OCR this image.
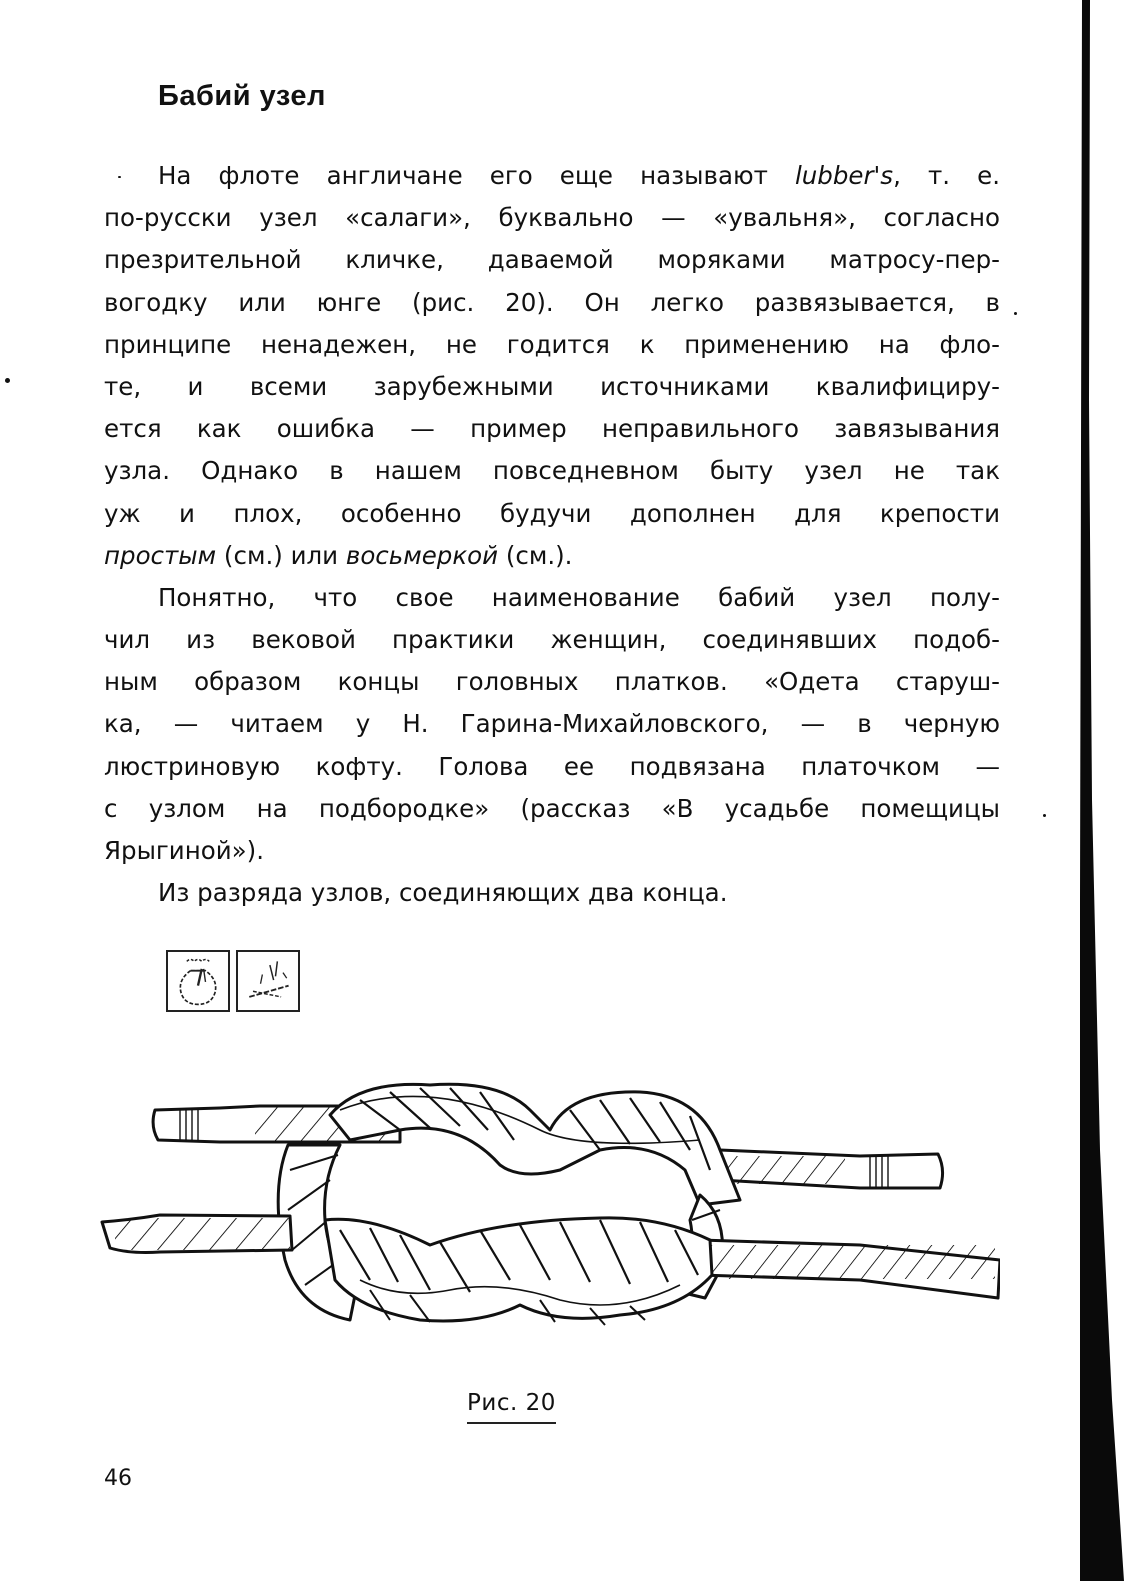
Бабий узел
На флоте англичане его еще называют lubber's, т. е.
по-русски узел «салаги», буквально — «увальня», согласно
презрительной кличке, даваемой моряками матросу-пер-
вогодку или юнге (рис. 20). Он легко развязывается, в
принципе ненадежен, не годится к применению на фло-
те, и всеми зарубежными источниками квалифициру-
ется как ошибка — пример неправильного завязывания
узла. Однако в нашем повседневном быту узел не так
уж и плох, особенно будучи дополнен для крепости
простым (см.) или восьмеркой (см.).
Понятно, что свое наименование бабий узел полу-
чил из вековой практики женщин, соединявших подоб-
ным образом концы головных платков. «Одета старуш-
ка, — читаем у Н. Гарина-Михайловского, — в черную
люстриновую кофту. Голова ее подвязана платочком —
с узлом на подбородке» (рассказ «В усадьбе помещицы
Ярыгиной»).
Из разряда узлов, соединяющих два конца.
Рис. 20
46
